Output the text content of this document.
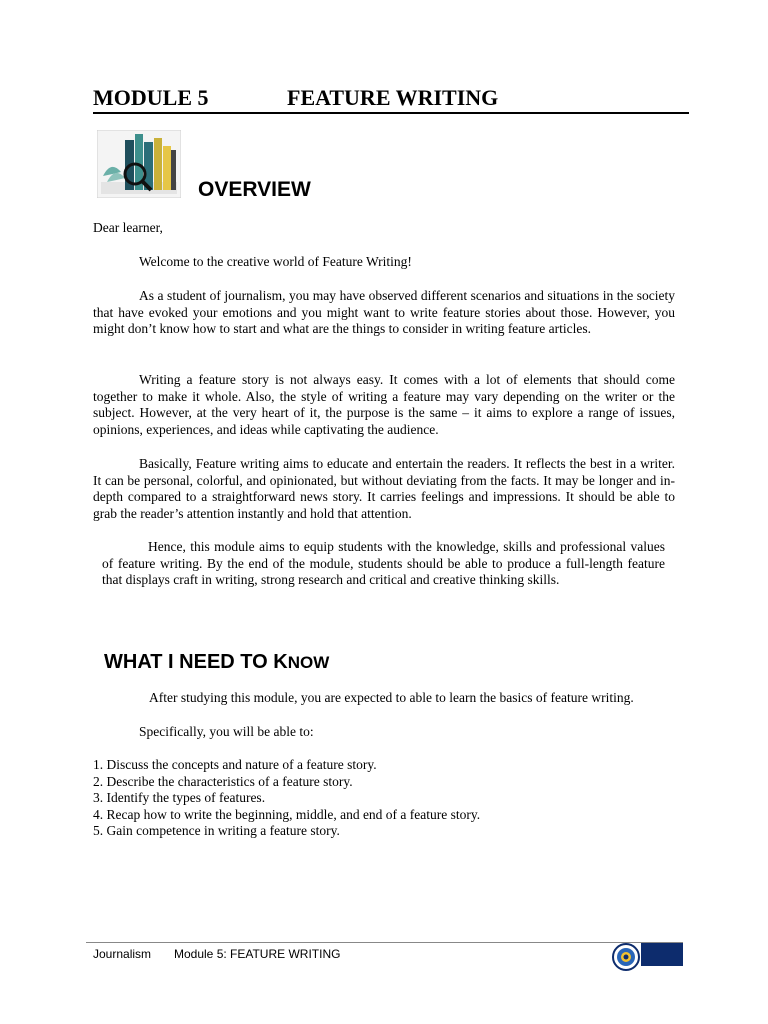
MODULE 5	FEATURE WRITING
OVERVIEW
Dear learner,

Welcome to the creative world of Feature Writing!

As a student of journalism, you may have observed different scenarios and situations in the society that have evoked your emotions and you might want to write feature stories about those. However, you might don’t know how to start and what are the things to consider in writing feature articles.

Writing a feature story is not always easy. It comes with a lot of elements that should come together to make it whole. Also, the style of writing a feature may vary depending on the writer or the subject. However, at the very heart of it, the purpose is the same – it aims to explore a range of issues, opinions, experiences, and ideas while captivating the audience.

Basically, Feature writing aims to educate and entertain the readers. It reflects the best in a writer. It can be personal, colorful, and opinionated, but without deviating from the facts. It may be longer and in-depth compared to a straightforward news story. It carries feelings and impressions. It should be able to grab the reader’s attention instantly and hold that attention.

Hence, this module aims to equip students with the knowledge, skills and professional values of feature writing. By the end of the module, students should be able to produce a full-length feature that displays craft in writing, strong research and critical and creative thinking skills.

WHAT I NEED TO KNOW
After studying this module, you are expected to able to learn the basics of feature writing.
Specifically, you will be able to:
1. Discuss the concepts and nature of a feature story.
2. Describe the characteristics of a feature story.
3. Identify the types of features.
4. Recap how to write the beginning, middle, and end of a feature story.
5. Gain competence in writing a feature story.
Journalism Module 5: FEATURE WRITING
